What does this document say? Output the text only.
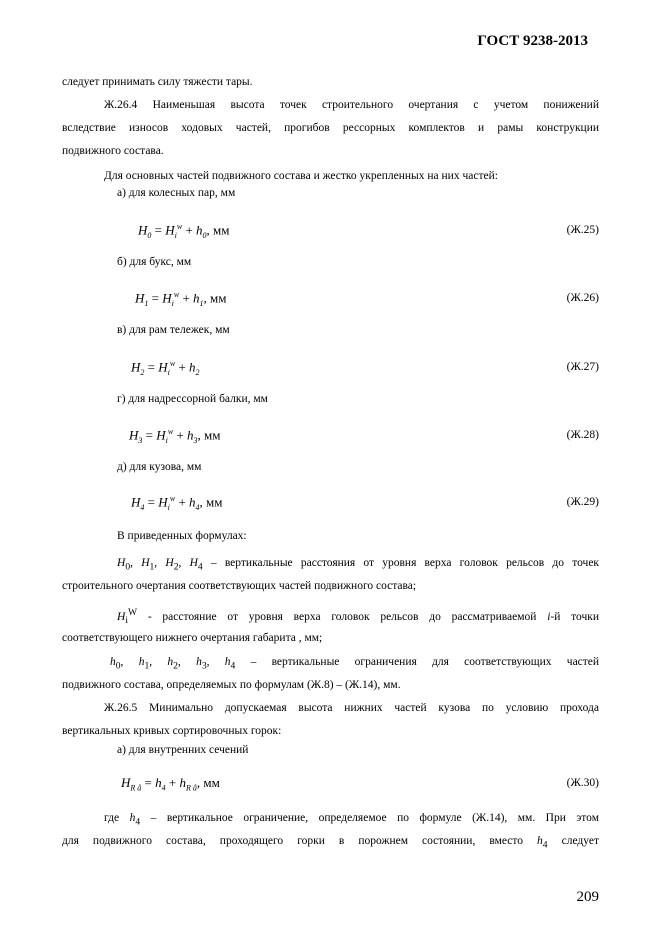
ГОСТ 9238-2013
следует принимать силу тяжести тары.
Ж.26.4 Наименьшая высота точек строительного очертания с учетом понижений
вследствие износов ходовых частей, прогибов рессорных комплектов и рамы конструкции
подвижного состава.
Для основных частей подвижного состава и жестко укрепленных на них частей:
а) для колесных пар, мм
$H_0 = H_i^w + h_0$, мм	(Ж.25)
б) для букс, мм
$H_1 = H_i^w + h_1$, мм	(Ж.26)
в) для рам тележек, мм
$H_2 = H_i^w + h_2$	(Ж.27)
г) для надрессорной балки, мм
$H_3 = H_i^w + h_3$, мм	(Ж.28)
д) для кузова, мм
$H_4 = H_i^w + h_4$, мм	(Ж.29)
В приведенных формулах:
$H_0$, $H_1$, $H_2$, $H_4$ – вертикальные расстояния от уровня верха головок рельсов до точек
строительного очертания соответствующих частей подвижного состава;
$H_i^W$ - расстояние от уровня верха головок рельсов до рассматриваемой i-й точки
соответствующего нижнего очертания габарита , мм;
$h_0$, $h_1$, $h_2$, $h_3$, $h_4$ – вертикальные ограничения для соответствующих частей
подвижного состава, определяемых по формулам (Ж.8) – (Ж.14), мм.
Ж.26.5 Минимально допускаемая высота нижних частей кузова по условию прохода
вертикальных кривых сортировочных горок:
а) для внутренних сечений
$H_{R â} = h_4 + h_{R â}$, мм	(Ж.30)
где $h_4$ – вертикальное ограничение, определяемое по формуле (Ж.14), мм. При этом
для подвижного состава, проходящего горки в порожнем состоянии, вместо $h_4$ следует
209
